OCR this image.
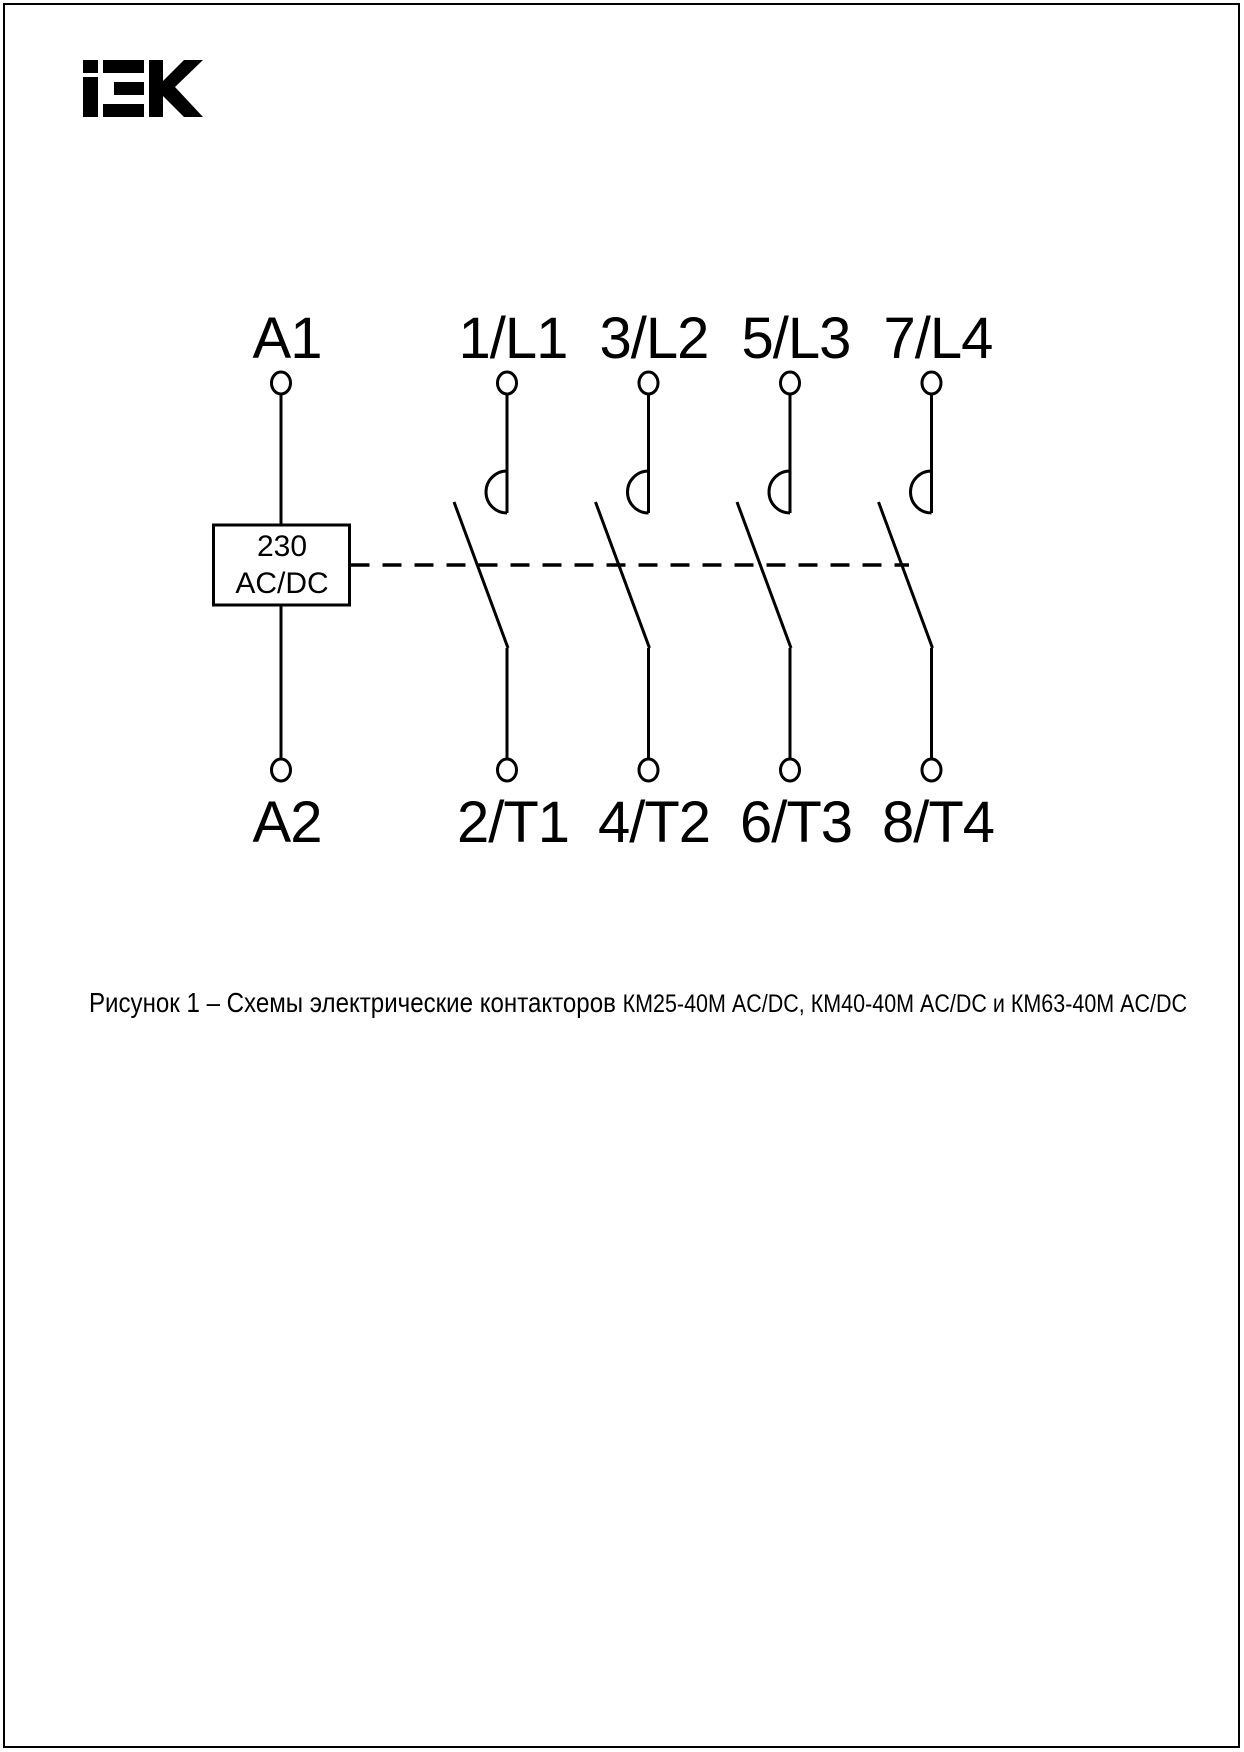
A1 1/L1 3/L2 5/L3 7/L4
A2 2/T1 4/T2 6/T3 8/T4
230
AC/DC

Рисунок 1 – Схемы электрические контакторов КМ25-40М AC/DC, КМ40-40М AC/DC и КМ63-40М AC/DC
